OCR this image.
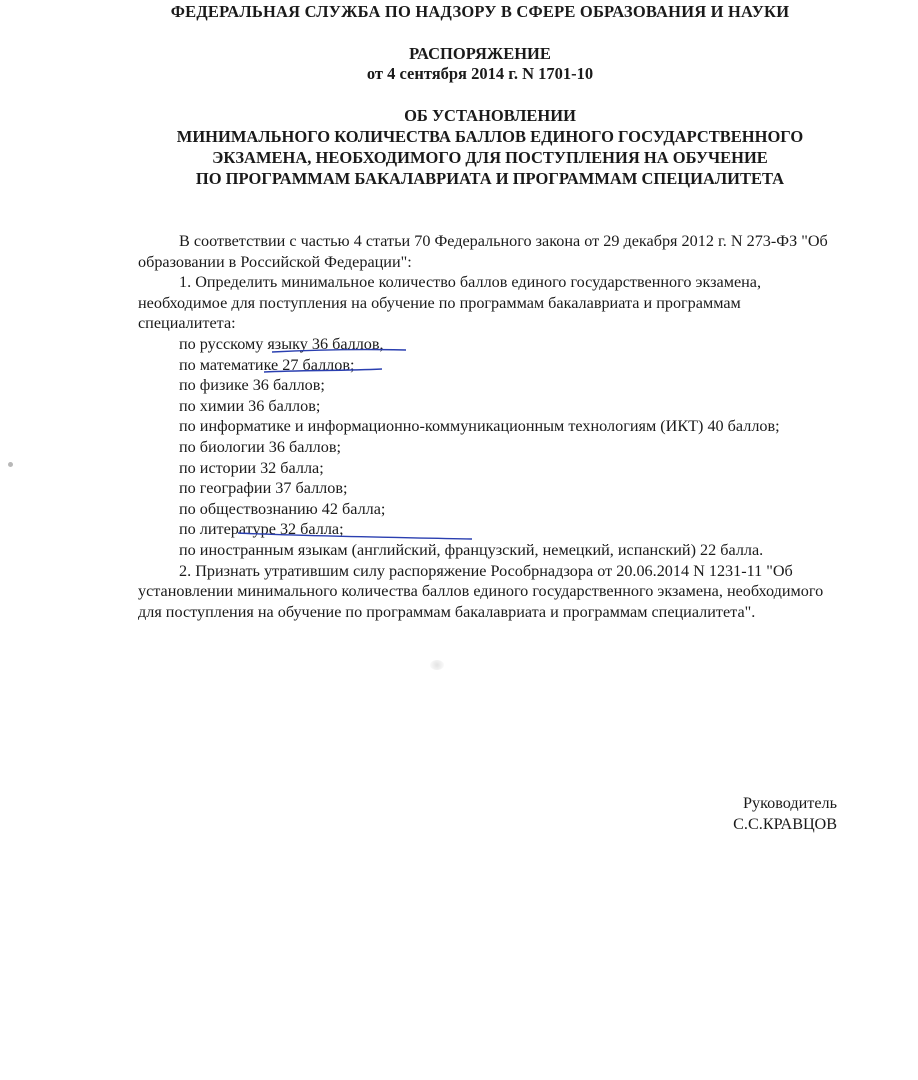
ФЕДЕРАЛЬНАЯ СЛУЖБА ПО НАДЗОРУ В СФЕРЕ ОБРАЗОВАНИЯ И НАУКИ
РАСПОРЯЖЕНИЕ
от 4 сентября 2014 г. N 1701-10
ОБ УСТАНОВЛЕНИИ
МИНИМАЛЬНОГО КОЛИЧЕСТВА БАЛЛОВ ЕДИНОГО ГОСУДАРСТВЕННОГО
ЭКЗАМЕНА, НЕОБХОДИМОГО ДЛЯ ПОСТУПЛЕНИЯ НА ОБУЧЕНИЕ
ПО ПРОГРАММАМ БАКАЛАВРИАТА И ПРОГРАММАМ СПЕЦИАЛИТЕТА

В соответствии с частью 4 статьи 70 Федерального закона от 29 декабря 2012 г. N 273-ФЗ "Об образовании в Российской Федерации":

1. Определить минимальное количество баллов единого государственного экзамена, необходимое для поступления на обучение по программам бакалавриата и программам специалитета:

по русскому языку 36 баллов,

по математике 27 баллов;

по физике 36 баллов;

по химии 36 баллов;

по информатике и информационно-коммуникационным технологиям (ИКТ) 40 баллов;

по биологии 36 баллов;

по истории 32 балла;

по географии 37 баллов;

по обществознанию 42 балла;

по литературе 32 балла;

по иностранным языкам (английский, французский, немецкий, испанский) 22 балла.

2. Признать утратившим силу распоряжение Рособрнадзора от 20.06.2014 N 1231-11 "Об установлении минимального количества баллов единого государственного экзамена, необходимого для поступления на обучение по программам бакалавриата и программам специалитета".

Руководитель
С.С.КРАВЦОВ
